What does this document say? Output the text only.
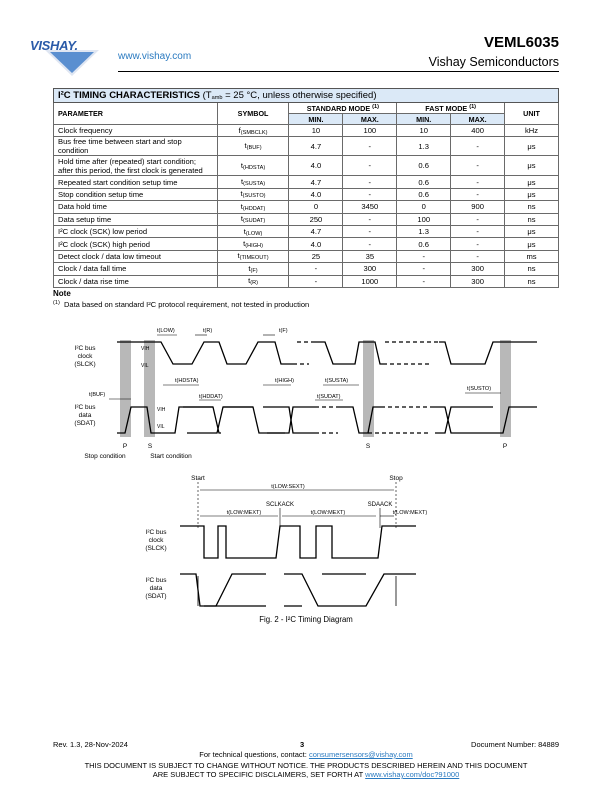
VISHAY.
www.vishay.com
VEML6035
Vishay Semiconductors
I²C TIMING CHARACTERISTICS (Tamb = 25 °C, unless otherwise specified)						
PARAMETER	SYMBOL	STANDARD MODE $^{(1)}$		FAST MODE $^{(1)}$		UNIT
		MIN.	MAX.	MIN.	MAX.	
Clock frequency	f(SMBCLK)	10	100	10	400	kHz
Bus free time between start and stop condition	t(BUF)	4.7	-	1.3	-	μs
Hold time after (repeated) start condition;
after this period, the first clock is generated	t(HDSTA)	4.0	-	0.6	-	μs
Repeated start condition setup time	t(SUSTA)	4.7	-	0.6	-	μs
Stop condition setup time	t(SUSTO)	4.0	-	0.6	-	μs
Data hold time	t(HDDAT)	0	3450	0	900	ns
Data setup time	t(SUDAT)	250	-	100	-	ns
I²C clock (SCK) low period	t(LOW)	4.7	-	1.3	-	μs
I²C clock (SCK) high period	t(HIGH)	4.0	-	0.6	-	μs
Detect clock / data low timeout	t(TIMEOUT)	25	35	-	-	ms
Clock / data fall time	t(F)	-	300	-	300	ns
Clock / data rise time	t(R)	-	1000	-	300	ns
Note
$^{(1)}$ Data based on standard I²C protocol requirement, not tested in production
I²C bus
clock
(SLCK)
I²C bus
data
(SDAT)
t(LOW)	t(R)	t(F)
VIH
VIL
t(HDSTA)	t(HIGH)	t(SUSTA)
t(BUF)	t(HDDAT)	t(SUDAT)
t(SUSTO)
VIH
VIL
P	S	S	P
Stop condition	Start condition
Start	Stop
t(LOW:SEXT)
SCLKACK	SDAACK
t(LOW:MEXT)	t(LOW:MEXT)	t(LOW:MEXT)
I²C bus
clock
(SLCK)
I²C bus
data
(SDAT)
Fig. 2 - I²C Timing Diagram
Rev. 1.3, 28-Nov-2024	3	Document Number: 84889
For technical questions, contact: consumersensors@vishay.com
THIS DOCUMENT IS SUBJECT TO CHANGE WITHOUT NOTICE. THE PRODUCTS DESCRIBED HEREIN AND THIS DOCUMENT
ARE SUBJECT TO SPECIFIC DISCLAIMERS, SET FORTH AT www.vishay.com/doc?91000
